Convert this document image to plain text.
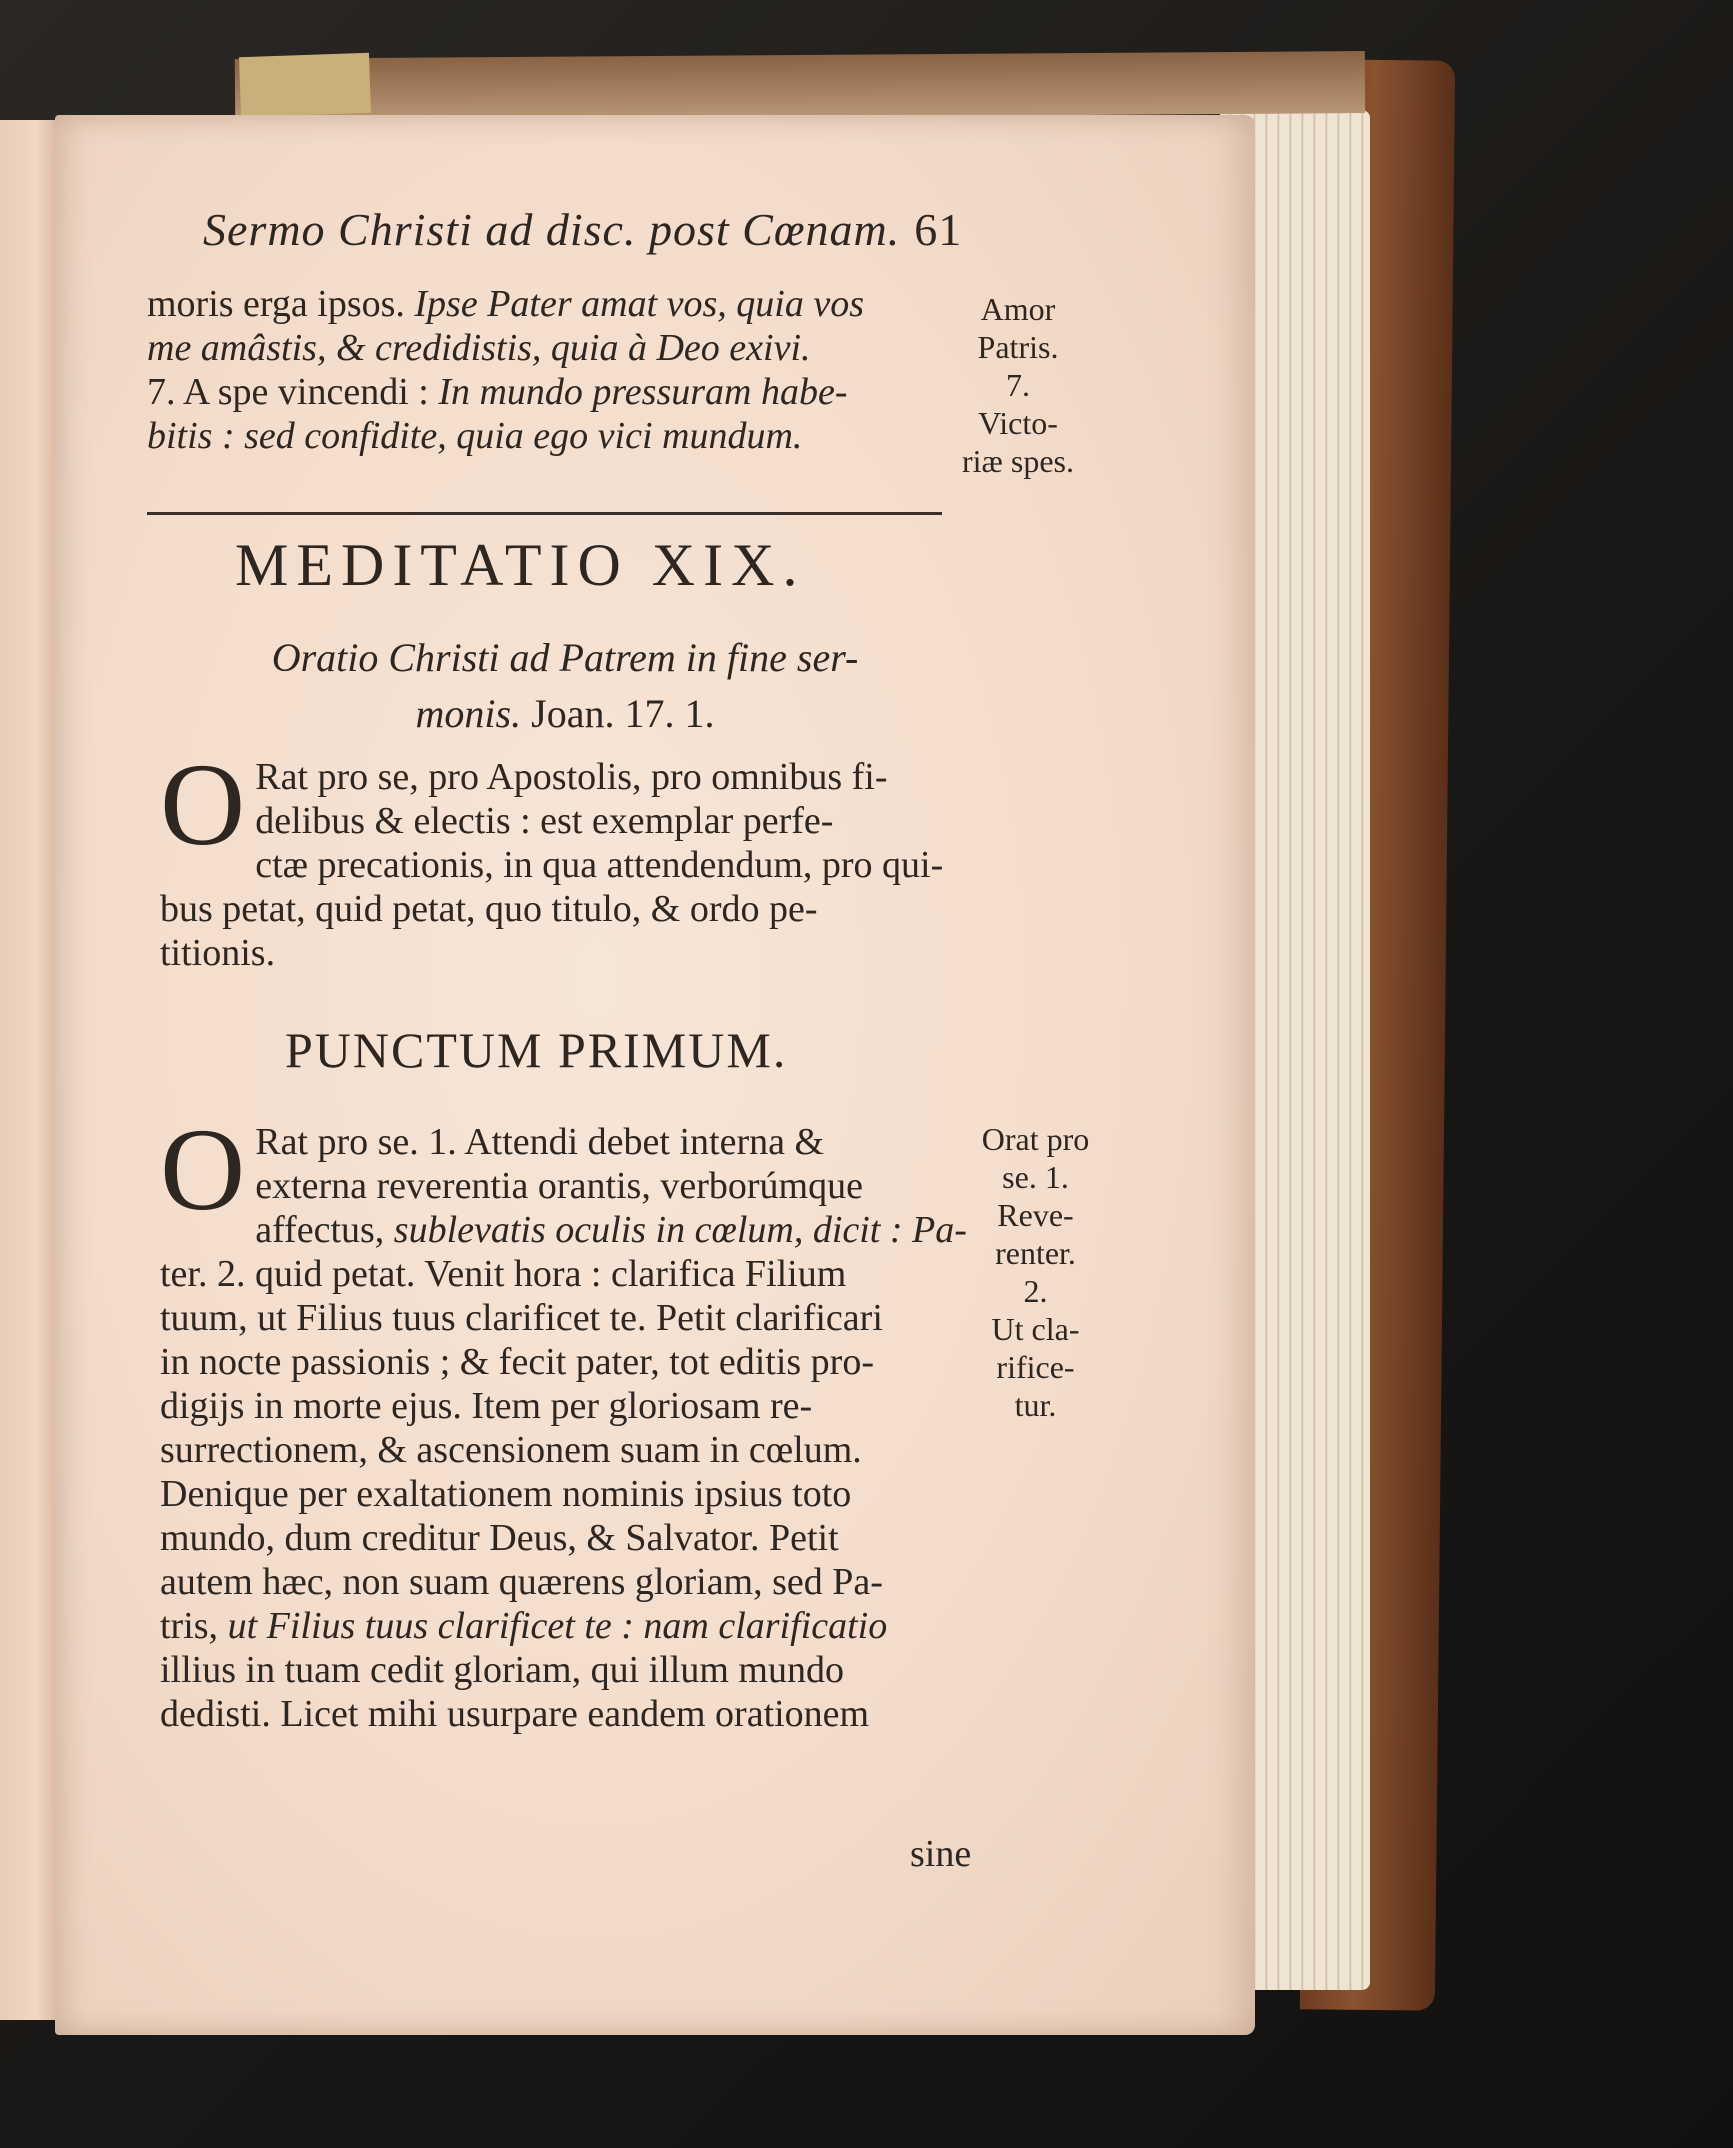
Sermo Christi ad disc. post Cœnam. 61
moris erga ipsos. Ipse Pater amat vos, quia vos
me amâstis, & credidistis, quia à Deo exivi.
7. A spe vincendi : In mundo pressuram habe-
bitis : sed confidite, quia ego vici mundum.
Amor
Patris.
7.
Victo-
riæ spes.
MEDITATIO XIX.
Oratio Christi ad Patrem in fine ser-
monis. Joan. 17. 1.
O Rat pro se, pro Apostolis, pro omnibus fi-
delibus & electis : est exemplar perfe-
ctæ precationis, in qua attendendum, pro qui-
bus petat, quid petat, quo titulo, & ordo pe-
titionis.
PUNCTUM PRIMUM.
O Rat pro se. 1. Attendi debet interna &
externa reverentia orantis, verborúmque
affectus, sublevatis oculis in cœlum, dicit : Pa-
ter. 2. quid petat. Venit hora : clarifica Filium
tuum, ut Filius tuus clarificet te. Petit clarificari
in nocte passionis ; & fecit pater, tot editis pro-
digijs in morte ejus. Item per gloriosam re-
surrectionem, & ascensionem suam in cœlum.
Denique per exaltationem nominis ipsius toto
mundo, dum creditur Deus, & Salvator. Petit
autem hæc, non suam quærens gloriam, sed Pa-
tris, ut Filius tuus clarificet te : nam clarificatio
illius in tuam cedit gloriam, qui illum mundo
dedisti. Licet mihi usurpare eandem orationem
Orat pro
se. 1.
Reve-
renter.
2.
Ut cla-
rifice-
tur.
sine
